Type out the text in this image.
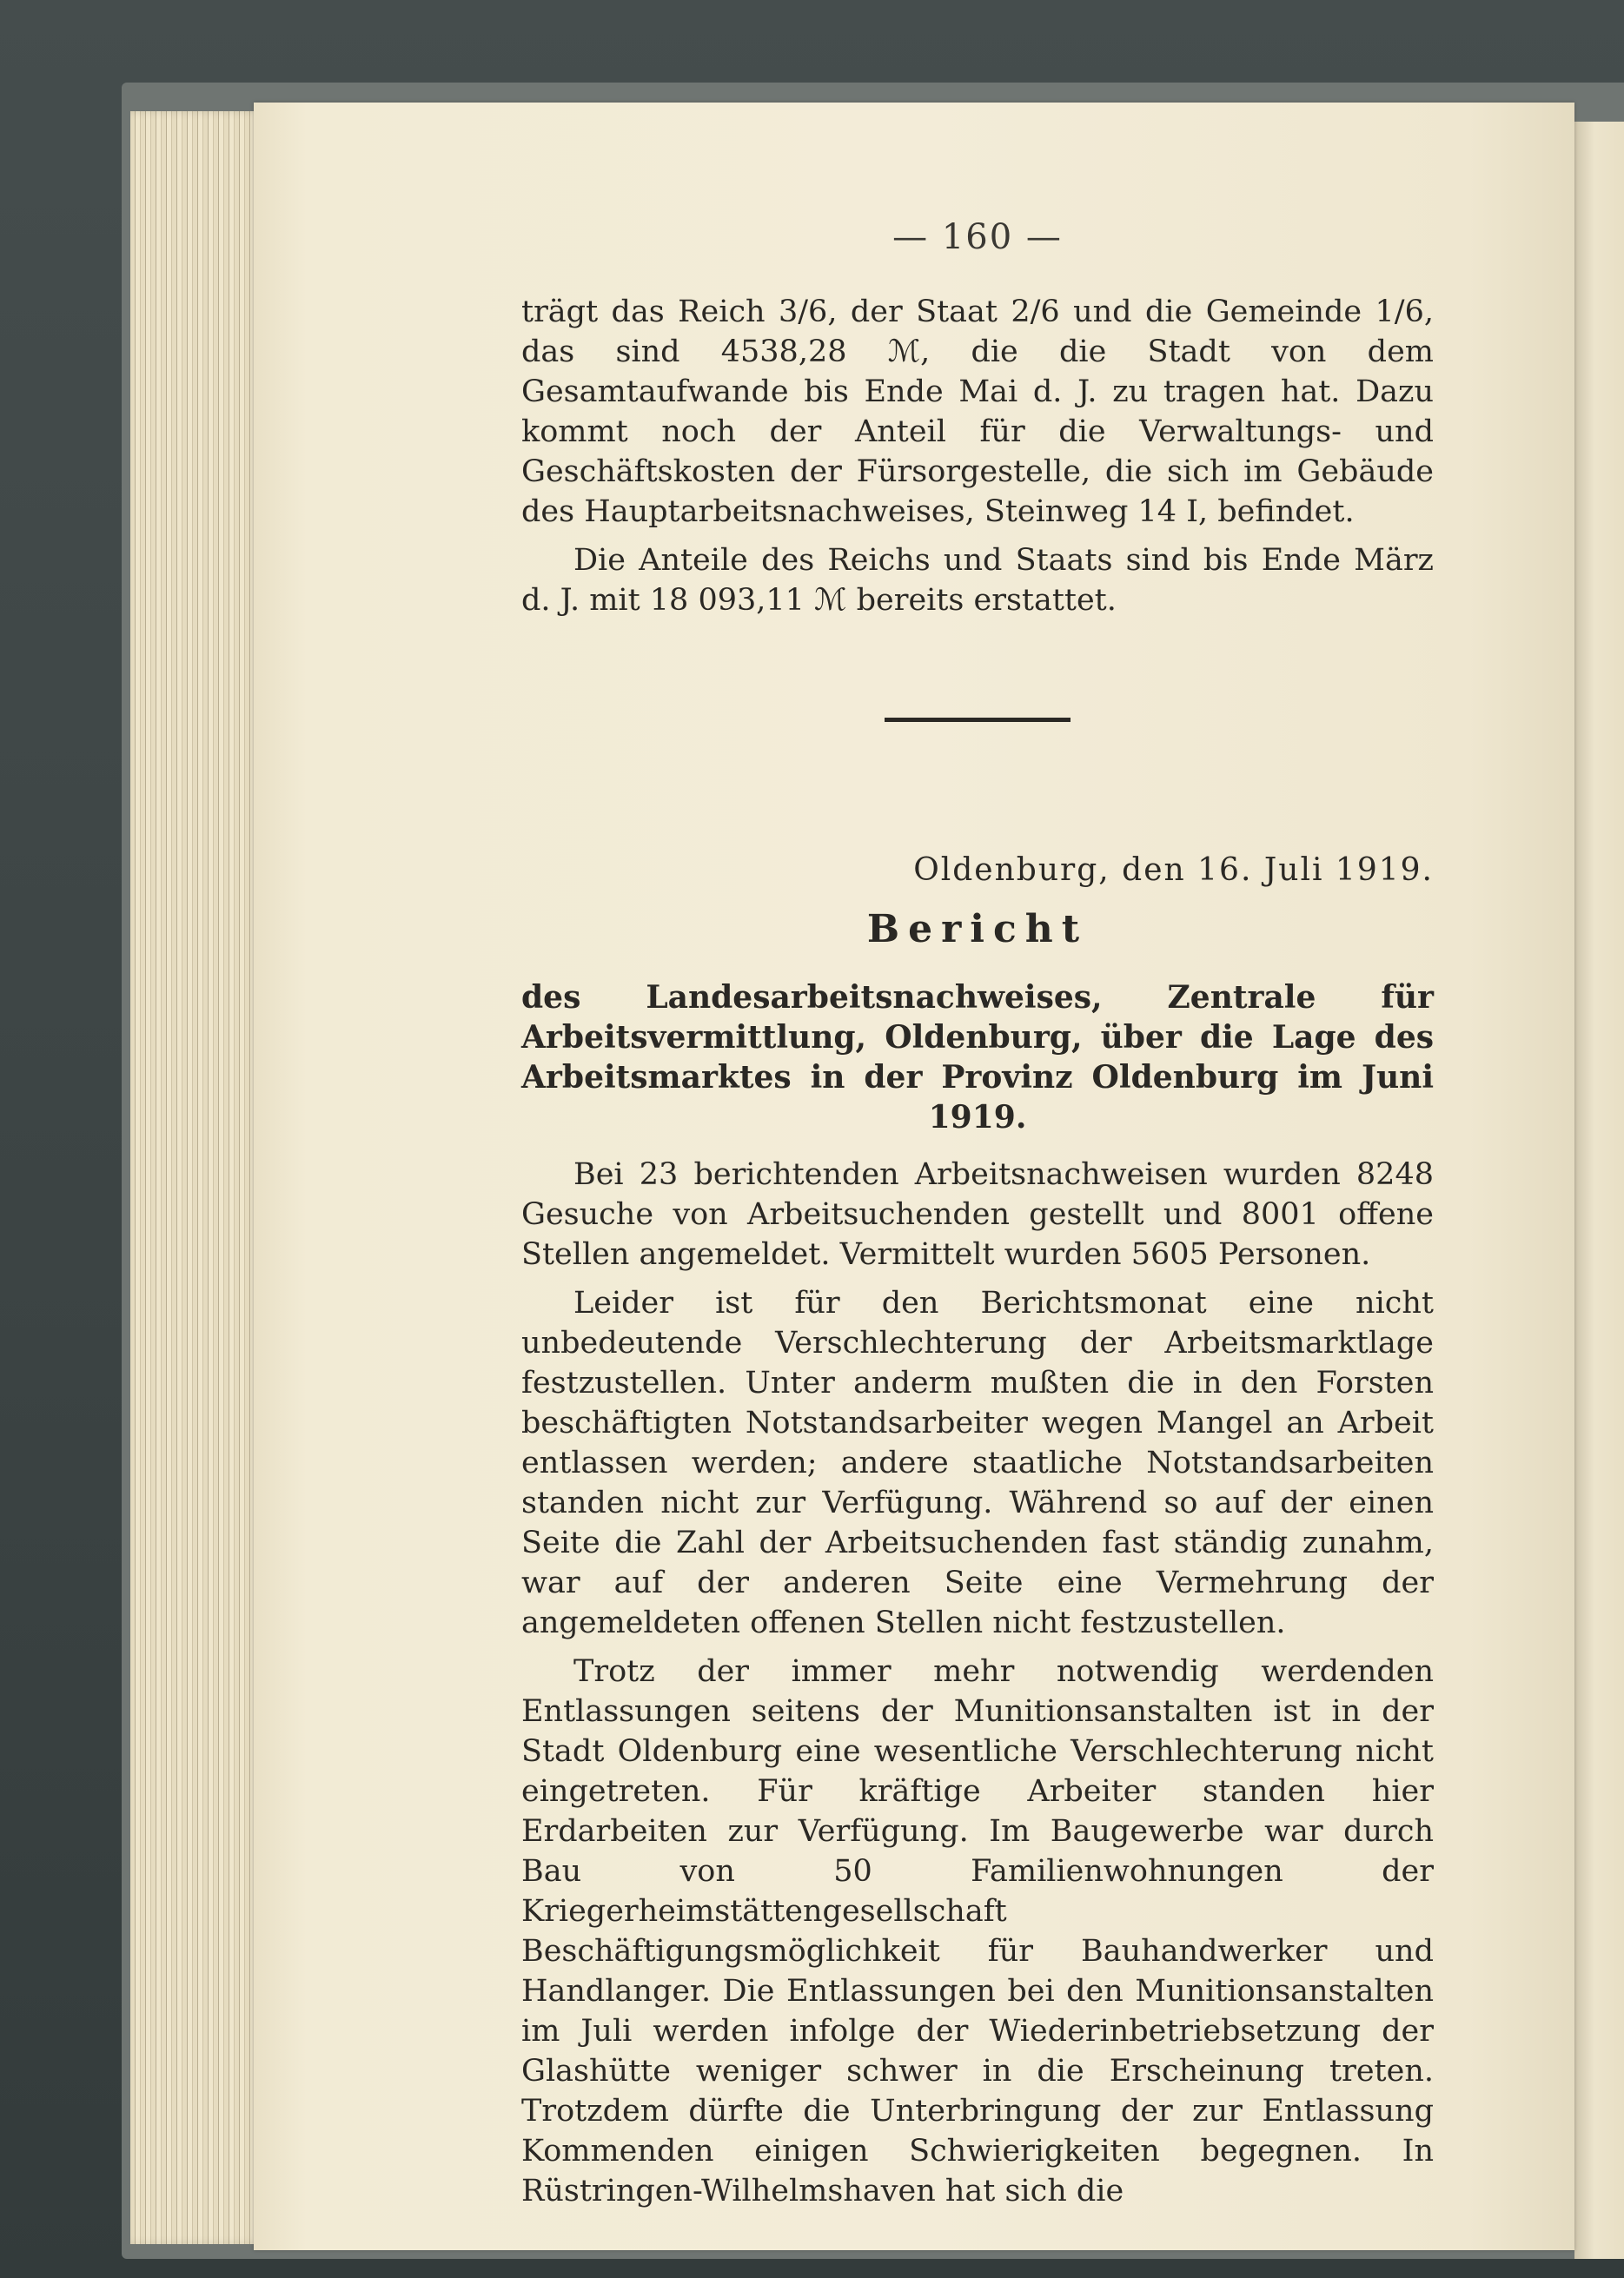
— 160 —

trägt das Reich 3/6, der Staat 2/6 und die Gemeinde 1/6, das sind 4538,28 ℳ, die die Stadt von dem Gesamtaufwande bis Ende Mai d. J. zu tragen hat. Dazu kommt noch der Anteil für die Verwaltungs- und Geschäftskosten der Fürsorgestelle, die sich im Gebäude des Hauptarbeitsnachweises, Steinweg 14 I, befindet.

Die Anteile des Reichs und Staats sind bis Ende März d. J. mit 18 093,11 ℳ bereits erstattet.

Oldenburg, den 16. Juli 1919.
Bericht
des Landesarbeitsnachweises, Zentrale für Arbeitsvermittlung, Oldenburg, über die Lage des Arbeitsmarktes in der Provinz Oldenburg im Juni 1919.

Bei 23 berichtenden Arbeitsnachweisen wurden 8248 Gesuche von Arbeitsuchenden gestellt und 8001 offene Stellen angemeldet. Vermittelt wurden 5605 Personen.

Leider ist für den Berichtsmonat eine nicht unbedeutende Verschlechterung der Arbeitsmarktlage festzustellen. Unter anderm mußten die in den Forsten beschäftigten Notstandsarbeiter wegen Mangel an Arbeit entlassen werden; andere staatliche Notstandsarbeiten standen nicht zur Verfügung. Während so auf der einen Seite die Zahl der Arbeitsuchenden fast ständig zunahm, war auf der anderen Seite eine Vermehrung der angemeldeten offenen Stellen nicht festzustellen.

Trotz der immer mehr notwendig werdenden Entlassungen seitens der Munitionsanstalten ist in der Stadt Oldenburg eine wesentliche Verschlechterung nicht eingetreten. Für kräftige Arbeiter standen hier Erdarbeiten zur Verfügung. Im Baugewerbe war durch Bau von 50 Familienwohnungen der Kriegerheimstättengesellschaft Beschäftigungsmöglichkeit für Bauhandwerker und Handlanger. Die Entlassungen bei den Munitionsanstalten im Juli werden infolge der Wiederinbetriebsetzung der Glashütte weniger schwer in die Erscheinung treten. Trotzdem dürfte die Unterbringung der zur Entlassung Kommenden einigen Schwierigkeiten begegnen. In Rüstringen-Wilhelmshaven hat sich die
